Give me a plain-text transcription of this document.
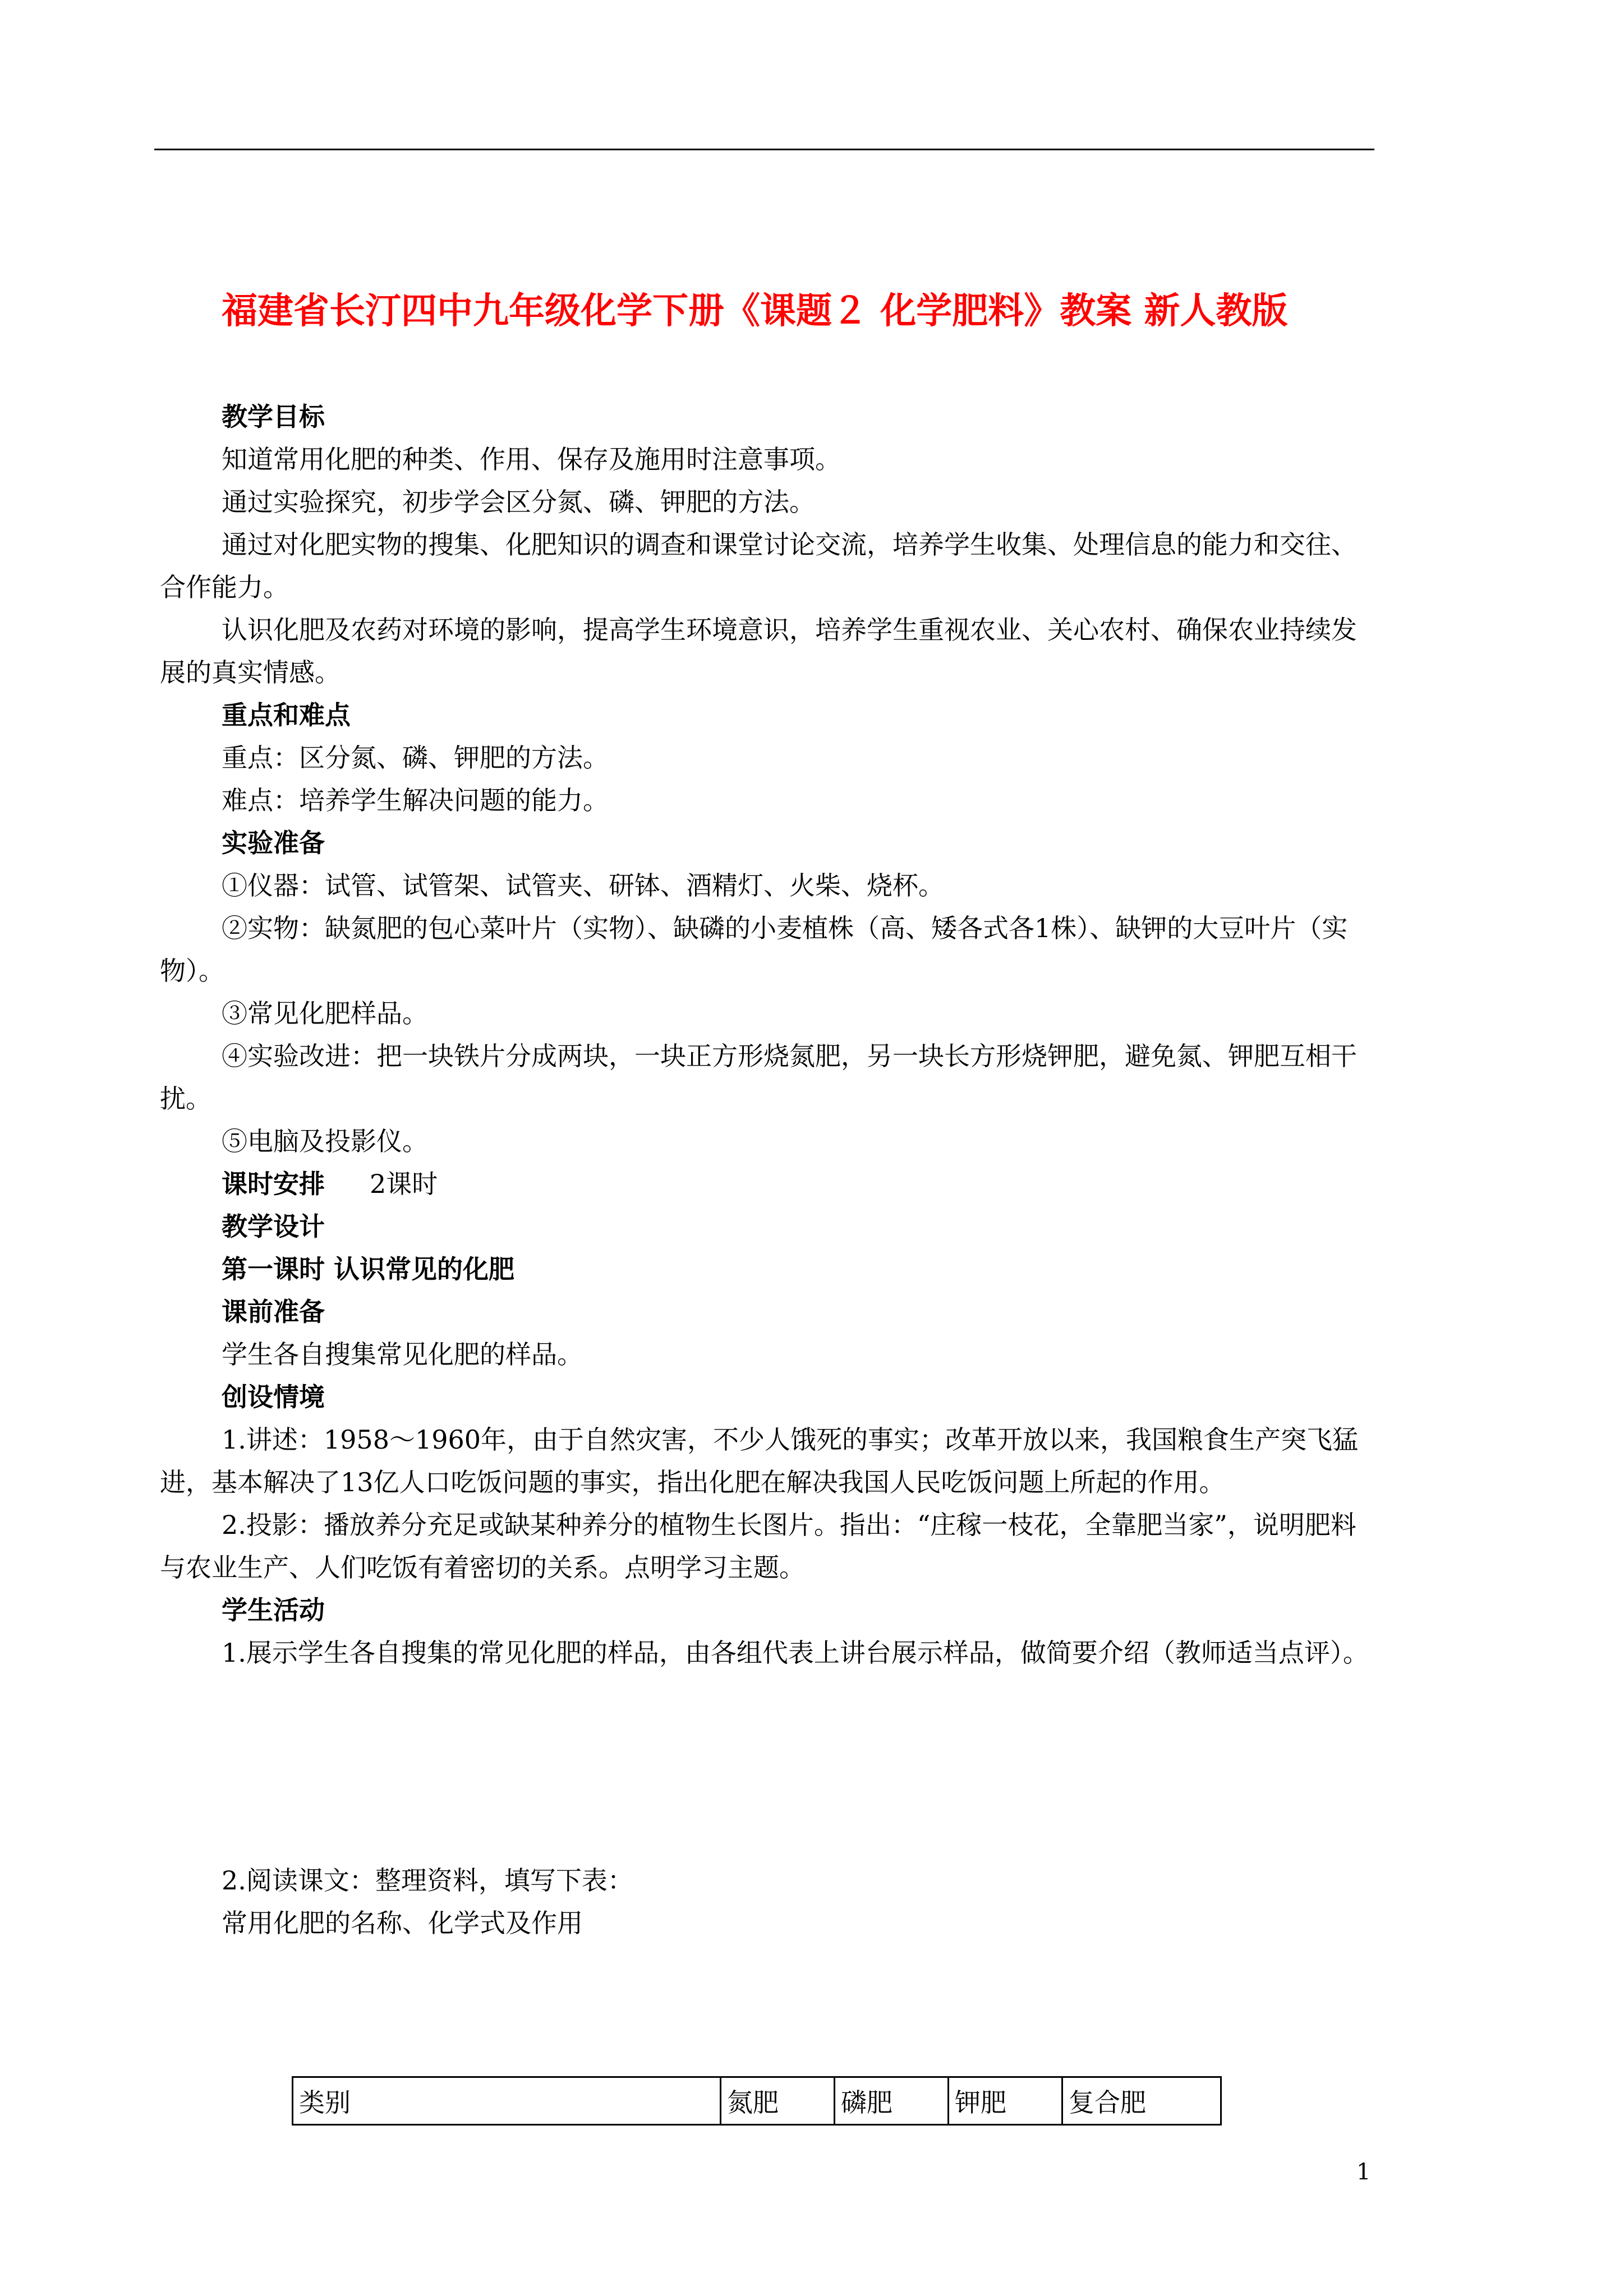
福建省长汀四中九年级化学下册《课题２ 化学肥料》教案 新人教版

教学目标

知道常用化肥的种类、作用、保存及施用时注意事项。

通过实验探究，初步学会区分氮、磷、钾肥的方法。

通过对化肥实物的搜集、化肥知识的调查和课堂讨论交流，培养学生收集、处理信息的能力和交往、合作能力。

认识化肥及农药对环境的影响，提高学生环境意识，培养学生重视农业、关心农村、确保农业持续发展的真实情感。

重点和难点

重点：区分氮、磷、钾肥的方法。

难点：培养学生解决问题的能力。

实验准备

①仪器：试管、试管架、试管夹、研钵、酒精灯、火柴、烧杯。

②实物：缺氮肥的包心菜叶片（实物）、缺磷的小麦植株（高、矮各式各1株）、缺钾的大豆叶片（实物）。

③常见化肥样品。

④实验改进：把一块铁片分成两块，一块正方形烧氮肥，另一块长方形烧钾肥，避免氮、钾肥互相干扰。

⑤电脑及投影仪。

课时安排 2课时

教学设计

第一课时 认识常见的化肥

课前准备

学生各自搜集常见化肥的样品。

创设情境

1.讲述：1958～1960年，由于自然灾害，不少人饿死的事实；改革开放以来，我国粮食生产突飞猛进，基本解决了13亿人口吃饭问题的事实，指出化肥在解决我国人民吃饭问题上所起的作用。

2.投影：播放养分充足或缺某种养分的植物生长图片。指出：“庄稼一枝花，全靠肥当家”，说明肥料与农业生产、人们吃饭有着密切的关系。点明学习主题。

学生活动

1.展示学生各自搜集的常见化肥的样品，由各组代表上讲台展示样品，做简要介绍（教师适当点评）。

2.阅读课文：整理资料，填写下表：

常用化肥的名称、化学式及作用

类别	氮肥	磷肥	钾肥	复合肥
1
